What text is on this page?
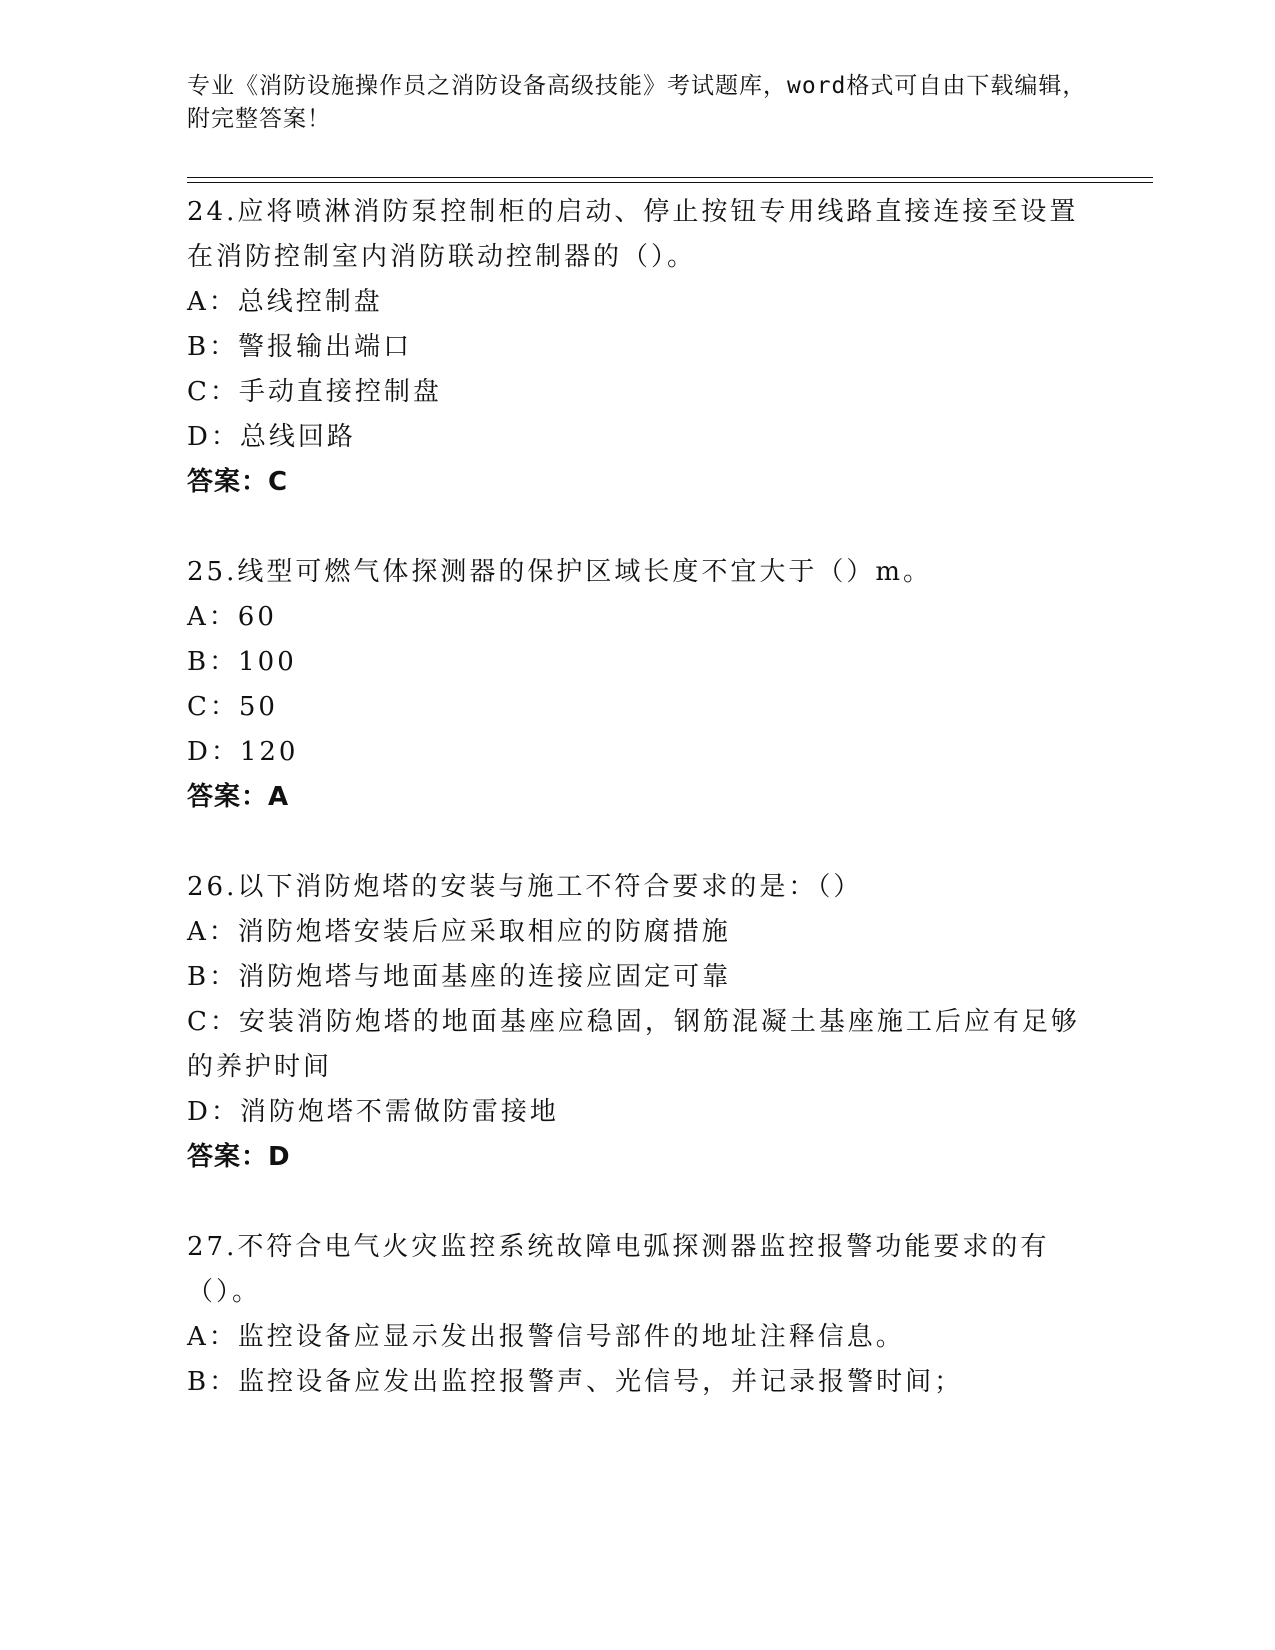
专业《消防设施操作员之消防设备高级技能》考试题库，word格式可自由下载编辑，附完整答案！
24.应将喷淋消防泵控制柜的启动、停止按钮专用线路直接连接至设置在消防控制室内消防联动控制器的（）。
A：总线控制盘
B：警报输出端口
C：手动直接控制盘
D：总线回路
答案：C
25.线型可燃气体探测器的保护区域长度不宜大于（）m。
A：60
B：100
C：50
D：120
答案：A
26.以下消防炮塔的安装与施工不符合要求的是：（）
A：消防炮塔安装后应采取相应的防腐措施
B：消防炮塔与地面基座的连接应固定可靠
C：安装消防炮塔的地面基座应稳固，钢筋混凝土基座施工后应有足够的养护时间
D：消防炮塔不需做防雷接地
答案：D
27.不符合电气火灾监控系统故障电弧探测器监控报警功能要求的有（）。
A：监控设备应显示发出报警信号部件的地址注释信息。
B：监控设备应发出监控报警声、光信号，并记录报警时间；
